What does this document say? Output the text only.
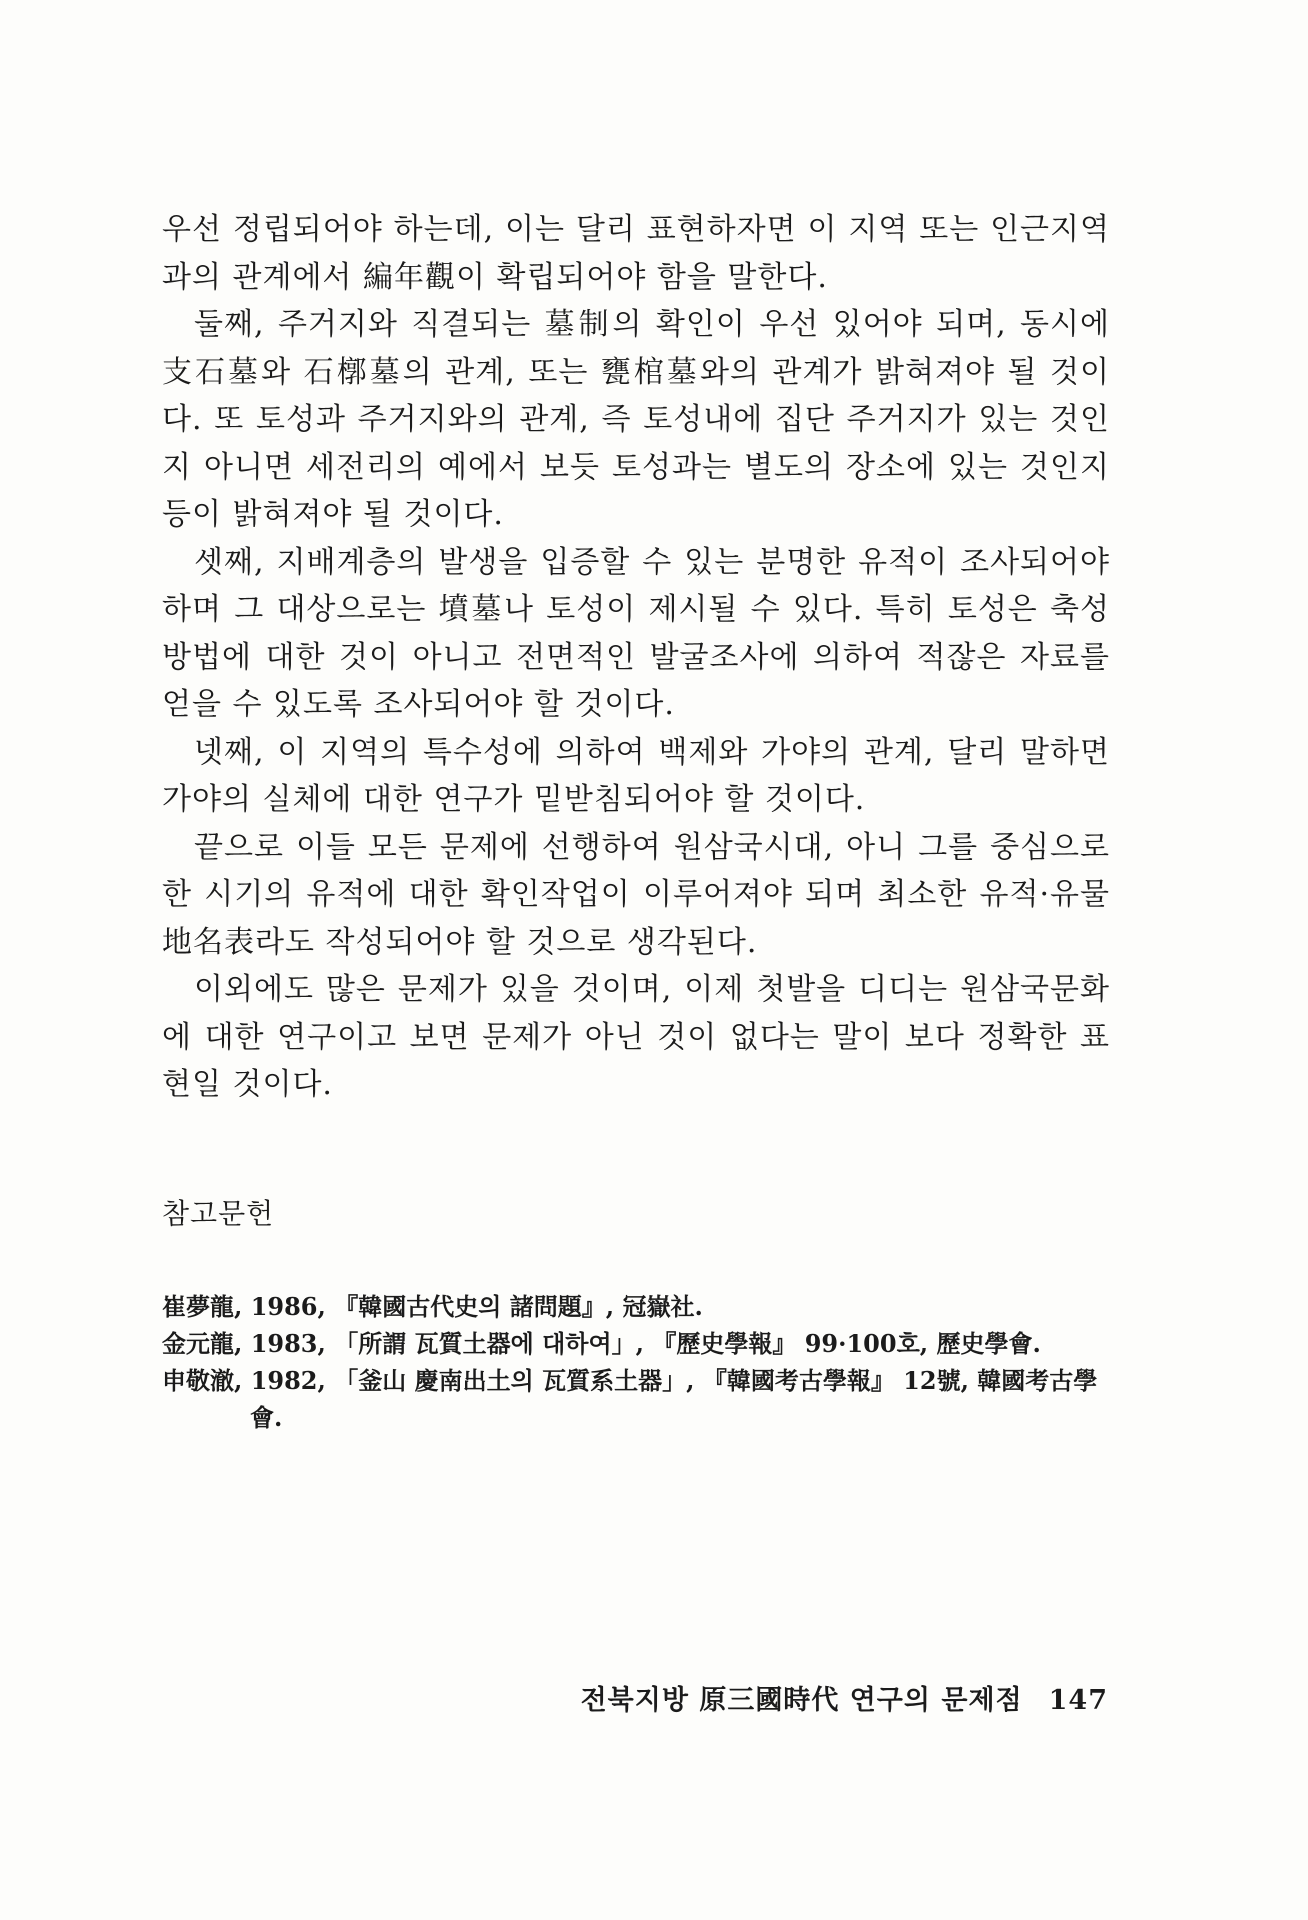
우선 정립되어야 하는데, 이는 달리 표현하자면 이 지역 또는 인근지역과의 관계에서 編年觀이 확립되어야 함을 말한다.

둘째, 주거지와 직결되는 墓制의 확인이 우선 있어야 되며, 동시에 支石墓와 石槨墓의 관계, 또는 甕棺墓와의 관계가 밝혀져야 될 것이다. 또 토성과 주거지와의 관계, 즉 토성내에 집단 주거지가 있는 것인지 아니면 세전리의 예에서 보듯 토성과는 별도의 장소에 있는 것인지 등이 밝혀져야 될 것이다.

셋째, 지배계층의 발생을 입증할 수 있는 분명한 유적이 조사되어야 하며 그 대상으로는 墳墓나 토성이 제시될 수 있다. 특히 토성은 축성방법에 대한 것이 아니고 전면적인 발굴조사에 의하여 적잖은 자료를 얻을 수 있도록 조사되어야 할 것이다.

넷째, 이 지역의 특수성에 의하여 백제와 가야의 관계, 달리 말하면 가야의 실체에 대한 연구가 밑받침되어야 할 것이다.

끝으로 이들 모든 문제에 선행하여 원삼국시대, 아니 그를 중심으로 한 시기의 유적에 대한 확인작업이 이루어져야 되며 최소한 유적·유물 地名表라도 작성되어야 할 것으로 생각된다.

이외에도 많은 문제가 있을 것이며, 이제 첫발을 디디는 원삼국문화에 대한 연구이고 보면 문제가 아닌 것이 없다는 말이 보다 정확한 표현일 것이다.

참고문헌
崔夢龍, 1986, 『韓國古代史의 諸問題』, 冠嶽社.
金元龍, 1983, 「所謂 瓦質土器에 대하여」, 『歷史學報』 99·100호, 歷史學會.
申敬澈, 1982, 「釜山 慶南出土의 瓦質系土器」, 『韓國考古學報』 12號, 韓國考古學會.
전북지방 原三國時代 연구의 문제점 147
